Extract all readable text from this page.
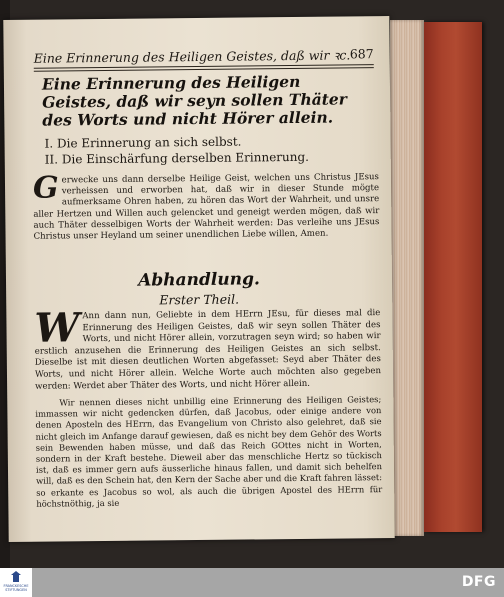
Eine Erinnerung des Heiligen Geistes, daß wir ꝛc. 687
Eine Erinnerung des Heiligen Geistes, daß wir seyn sollen Thäter des Worts und nicht Hörer allein.
I. Die Erinnerung an sich selbst.
II. Die Einschärfung derselben Erinnerung.
G erwecke uns dann derselbe Heilige Geist, welchen uns Christus JEsus verheissen und erworben hat, daß wir in dieser Stunde mögte aufmerksame Ohren haben, zu hören das Wort der Wahrheit, und unsre aller Hertzen und Willen auch gelencket und geneigt werden mögen, daß wir auch Thäter desselbigen Worts der Wahrheit werden: Das verleihe uns JEsus Christus unser Heyland um seiner unendlichen Liebe willen, Amen.
Abhandlung.
Erster Theil.
W Ann dann nun, Geliebte in dem HErrn JEsu, für dieses mal die Erinnerung des Heiligen Geistes, daß wir seyn sollen Thäter des Worts, und nicht Hörer allein, vorzutragen seyn wird; so haben wir erstlich anzusehen die Erinnerung des Heiligen Geistes an sich selbst. Dieselbe ist mit diesen deutlichen Worten abgefasset: Seyd aber Thäter des Worts, und nicht Hörer allein. Welche Worte auch möchten also gegeben werden: Werdet aber Thäter des Worts, und nicht Hörer allein.
Wir nennen dieses nicht unbillig eine Erinnerung des Heiligen Geistes; immassen wir nicht gedencken dürfen, daß Jacobus, oder einige andere von denen Aposteln des HErrn, das Evangelium von Christo also gelehret, daß sie nicht gleich im Anfange darauf gewiesen, daß es nicht bey dem Gehör des Worts sein Bewenden haben müsse, und daß das Reich GOttes nicht in Worten, sondern in der Kraft bestehe. Dieweil aber das menschliche Hertz so tückisch ist, daß es immer gern aufs äusserliche hinaus fallen, und damit sich behelfen will, daß es den Schein hat, den Kern der Sache aber und die Kraft fahren lässet: so erkante es Jacobus so wol, als auch die übrigen Apostel des HErrn für höchstnöthig, ja sie
FRANCKESCHE STIFTUNGEN	DFG
